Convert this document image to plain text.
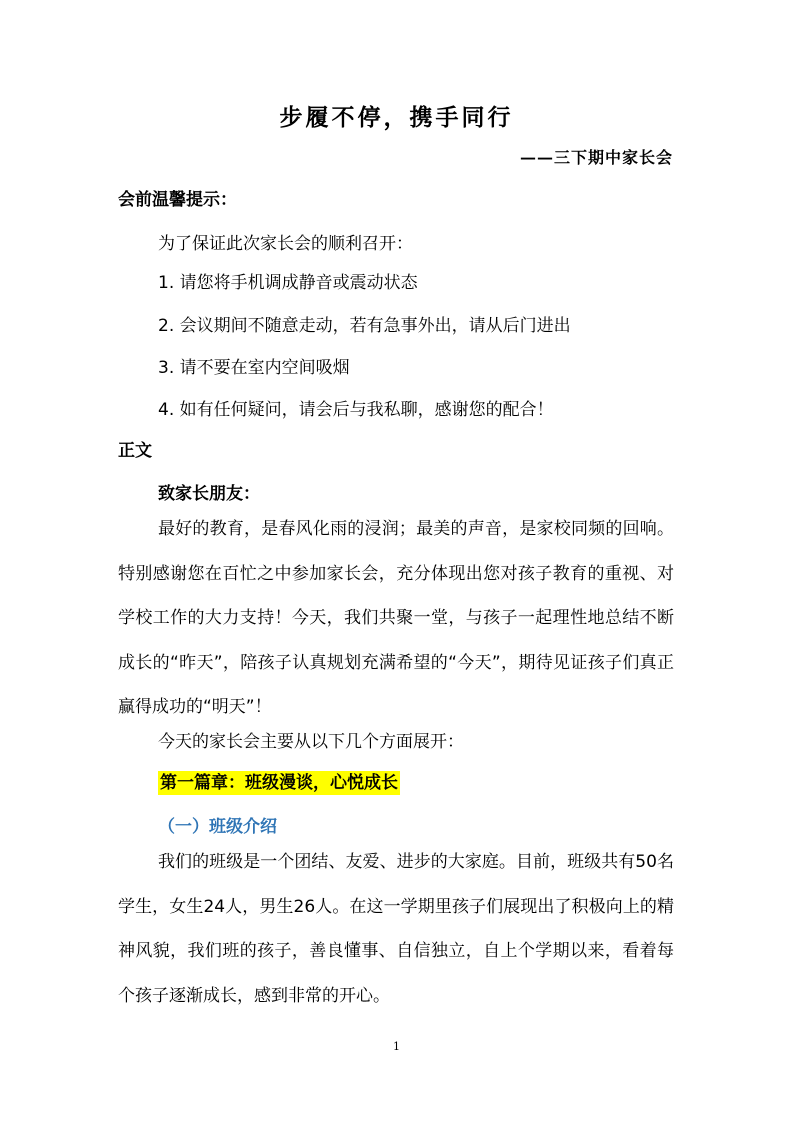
步履不停，携手同行
——三下期中家长会
会前温馨提示：
为了保证此次家长会的顺利召开：
1. 请您将手机调成静音或震动状态
2. 会议期间不随意走动，若有急事外出，请从后门进出
3. 请不要在室内空间吸烟
4. 如有任何疑问，请会后与我私聊，感谢您的配合！
正文
致家长朋友：
最好的教育，是春风化雨的浸润；最美的声音，是家校同频的回响。特别感谢您在百忙之中参加家长会，充分体现出您对孩子教育的重视、对学校工作的大力支持！今天，我们共聚一堂，与孩子一起理性地总结不断成长的“昨天”，陪孩子认真规划充满希望的“今天”，期待见证孩子们真正赢得成功的“明天”！
今天的家长会主要从以下几个方面展开：
第一篇章：班级漫谈，心悦成长
（一）班级介绍
我们的班级是一个团结、友爱、进步的大家庭。目前，班级共有50名学生，女生24人，男生26人。在这一学期里孩子们展现出了积极向上的精神风貌，我们班的孩子，善良懂事、自信独立，自上个学期以来，看着每个孩子逐渐成长，感到非常的开心。
1
